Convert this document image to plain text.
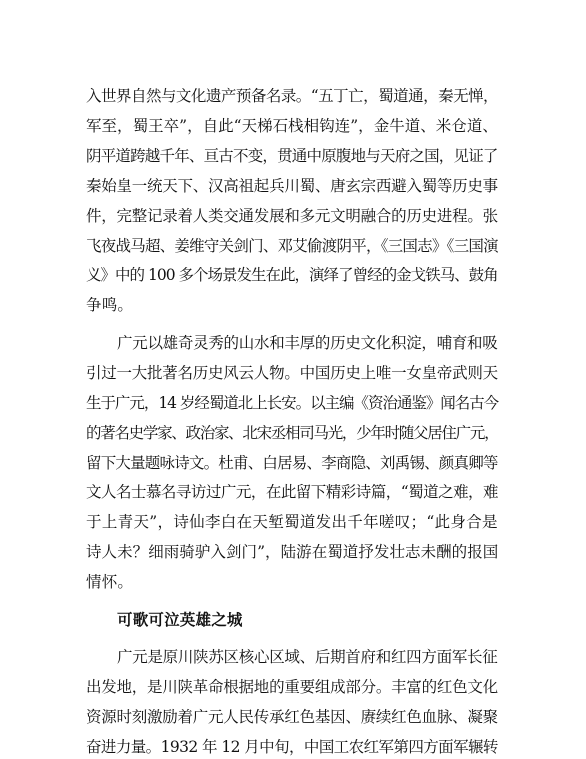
入世界自然与文化遗产预备名录。“五丁亡，蜀道通，秦无惮，
军至，蜀王卒”，自此“天梯石栈相钩连”，金牛道、米仓道、
阴平道跨越千年、亘古不变，贯通中原腹地与天府之国，见证了
秦始皇一统天下、汉高祖起兵川蜀、唐玄宗西避入蜀等历史事
件，完整记录着人类交通发展和多元文明融合的历史进程。张
飞夜战马超、姜维守关剑门、邓艾偷渡阴平，《三国志》《三国演
义》中的 100 多个场景发生在此，演绎了曾经的金戈铁马、鼓角
争鸣。
广元以雄奇灵秀的山水和丰厚的历史文化积淀，哺育和吸
引过一大批著名历史风云人物。中国历史上唯一女皇帝武则天
生于广元，14 岁经蜀道北上长安。以主编《资治通鉴》闻名古今
的著名史学家、政治家、北宋丞相司马光，少年时随父居住广元，
留下大量题咏诗文。杜甫、白居易、李商隐、刘禹锡、颜真卿等
文人名士慕名寻访过广元，在此留下精彩诗篇，“蜀道之难，难
于上青天”，诗仙李白在天堑蜀道发出千年嗟叹；“此身合是
诗人未？细雨骑驴入剑门”，陆游在蜀道抒发壮志未酬的报国
情怀。
可歌可泣英雄之城
广元是原川陕苏区核心区域、后期首府和红四方面军长征
出发地，是川陕革命根据地的重要组成部分。丰富的红色文化
资源时刻激励着广元人民传承红色基因、赓续红色血脉、凝聚
奋进力量。1932 年 12 月中旬，中国工农红军第四方面军辗转
